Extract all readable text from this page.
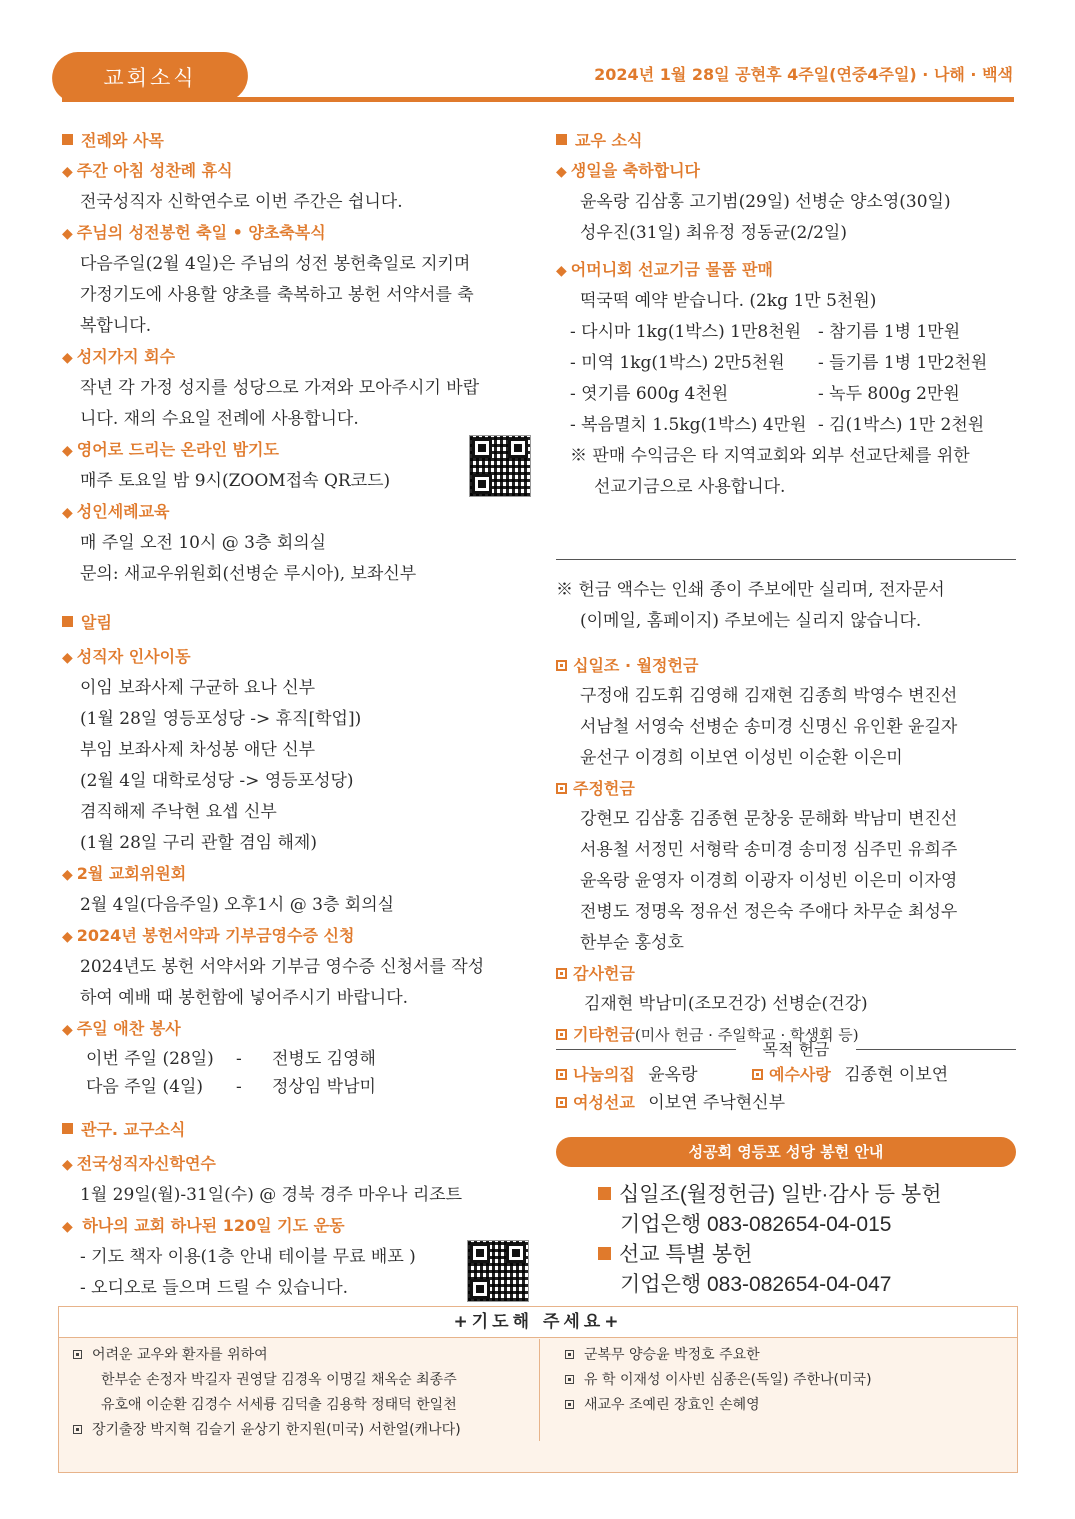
교회소식	2024년 1월 28일 공현후 4주일(연중4주일) · 나해 · 백색
전례와 사목
◆ 주간 아침 성찬례 휴식
전국성직자 신학연수로 이번 주간은 쉽니다.
◆ 주님의 성전봉헌 축일 • 양초축복식
다음주일(2월 4일)은 주님의 성전 봉헌축일로 지키며
가정기도에 사용할 양초를 축복하고 봉헌 서약서를 축
복합니다.
◆ 성지가지 회수
작년 각 가정 성지를 성당으로 가져와 모아주시기 바랍
니다. 재의 수요일 전례에 사용합니다.
◆ 영어로 드리는 온라인 밤기도
매주 토요일 밤 9시(ZOOM접속 QR코드)
◆ 성인세례교육
매 주일 오전 10시 @ 3층 회의실
문의: 새교우위원회(선병순 루시아), 보좌신부
알림
◆ 성직자 인사이동
이임 보좌사제 구균하 요나 신부
(1월 28일 영등포성당 -> 휴직[학업])
부임 보좌사제 차성봉 애단 신부
(2월 4일 대학로성당 -> 영등포성당)
겸직해제 주낙현 요셉 신부
(1월 28일 구리 관할 겸임 해제)
◆ 2월 교회위원회
2월 4일(다음주일) 오후1시 @ 3층 회의실
◆ 2024년 봉헌서약과 기부금영수증 신청
2024년도 봉헌 서약서와 기부금 영수증 신청서를 작성
하여 예배 때 봉헌함에 넣어주시기 바랍니다.
◆ 주일 애찬 봉사
이번 주일 (28일) - 전병도 김영해
다음 주일 (4일) - 정상임 박남미
관구. 교구소식
◆ 전국성직자신학연수
1월 29일(월)-31일(수) @ 경북 경주 마우나 리조트
◆ 하나의 교회 하나된 120일 기도 운동
- 기도 책자 이용(1층 안내 테이블 무료 배포 )
- 오디오로 들으며 드릴 수 있습니다.
교우 소식
◆ 생일을 축하합니다
윤옥랑 김삼홍 고기범(29일) 선병순 양소영(30일)
성우진(31일) 최유정 정동균(2/2일)
◆ 어머니회 선교기금 물품 판매
떡국떡 예약 받습니다. (2kg 1만 5천원)
- 다시마 1kg(1박스) 1만8천원 - 참기름 1병 1만원
- 미역 1kg(1박스) 2만5천원 - 들기름 1병 1만2천원
- 엿기름 600g 4천원	- 녹두 800g 2만원
- 복음멸치 1.5kg(1박스) 4만원 - 김(1박스) 1만 2천원
※ 판매 수익금은 타 지역교회와 외부 선교단체를 위한
선교기금으로 사용합니다.
※ 헌금 액수는 인쇄 종이 주보에만 실리며, 전자문서
(이메일, 홈페이지) 주보에는 실리지 않습니다.
십일조 · 월정헌금
구정애 김도휘 김영해 김재현 김종희 박영수 변진선
서남철 서영숙 선병순 송미경 신명신 유인환 윤길자
윤선구 이경희 이보연 이성빈 이순환 이은미
주정헌금
강현모 김삼홍 김종현 문창웅 문해화 박남미 변진선
서용철 서정민 서형락 송미경 송미정 심주민 유희주
윤옥랑 윤영자 이경희 이광자 이성빈 이은미 이자영
전병도 정명옥 정유선 정은숙 주애다 차무순 최성우
한부순 홍성호
감사헌금
김재현 박남미(조모건강) 선병순(건강)
기타헌금(미사 헌금 · 주일학교 · 학생회 등)
목적 헌금
나눔의집 윤옥랑	예수사랑 김종현 이보연
여성선교 이보연 주낙현신부
성공회 영등포 성당 봉헌 안내
십일조(월정헌금) 일반·감사 등 봉헌
기업은행 083-082654-04-015
선교 특별 봉헌
기업은행 083-082654-04-047
+기도해 주세요+
어려운 교우와 환자를 위하여
한부순 손정자 박길자 권영달 김경옥 이명길 채옥순 최종주
유호애 이순환 김경수 서세륭 김덕출 김용학 정태덕 한일천
장기출장 박지혁 김슬기 윤상기 한지원(미국) 서한얼(캐나다)
군복무 양승윤 박정호 주요한
유 학 이재성 이사빈 심종은(독일) 주한나(미국)
새교우 조예린 장효인 손혜영
